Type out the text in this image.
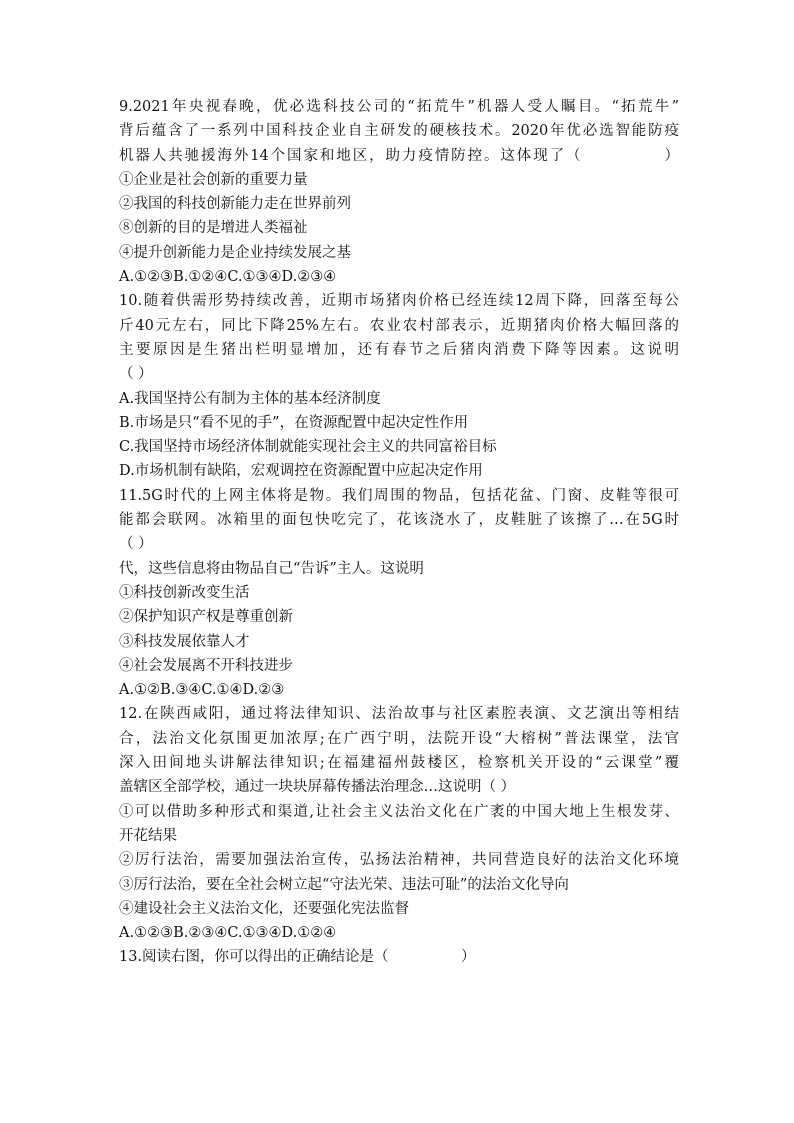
9.2021年央视春晚，优必选科技公司的“拓荒牛”机器人受人瞩目。“拓荒牛”
背后蕴含了一系列中国科技企业自主研发的硬核技术。2020年优必选智能防疫
机器人共驰援海外14个国家和地区，助力疫情防控。这体现了（　　　　　）
①企业是社会创新的重要力量
②我国的科技创新能力走在世界前列
⑧创新的目的是增进人类福祉
④提升创新能力是企业持续发展之基
A.①②③B.①②④C.①③④D.②③④
10.随着供需形势持续改善，近期市场猪肉价格已经连续12周下降，回落至每公
斤40元左右，同比下降25%左右。农业农村部表示，近期猪肉价格大幅回落的
主要原因是生猪出栏明显增加，还有春节之后猪肉消费下降等因素。这说明
（ ）
A.我国坚持公有制为主体的基本经济制度
B.市场是只“看不见的手”，在资源配置中起决定性作用
C.我国坚持市场经济体制就能实现社会主义的共同富裕目标
D.市场机制有缺陷，宏观调控在资源配置中应起决定作用
11.5G时代的上网主体将是物。我们周围的物品，包括花盆、门窗、皮鞋等很可
能都会联网。冰箱里的面包快吃完了，花该浇水了，皮鞋脏了该擦了…在5G时
（ ）
代，这些信息将由物品自己“告诉”主人。这说明
①科技创新改变生活
②保护知识产权是尊重创新
③科技发展依靠人才
④社会发展离不开科技进步
A.①②B.③④C.①④D.②③
12.在陕西咸阳，通过将法律知识、法治故事与社区素腔表演、文艺演出等相结
合，法治文化氛围更加浓厚;在广西宁明，法院开设“大榕树”普法课堂，法官
深入田间地头讲解法律知识;在福建福州鼓楼区，检察机关开设的“云课堂”覆
盖辖区全部学校，通过一块块屏幕传播法治理念…这说明（ ）
①可以借助多种形式和渠道,让社会主义法治文化在广袤的中国大地上生根发芽、
开花结果
②厉行法治，需要加强法治宣传，弘扬法治精神，共同营造良好的法治文化环境
③厉行法治，要在全社会树立起“守法光荣、违法可耻”的法治文化导向
④建设社会主义法治文化，还要强化宪法监督
A.①②③B.②③④C.①③④D.①②④
13.阅读右图，你可以得出的正确结论是（　　　　　）
